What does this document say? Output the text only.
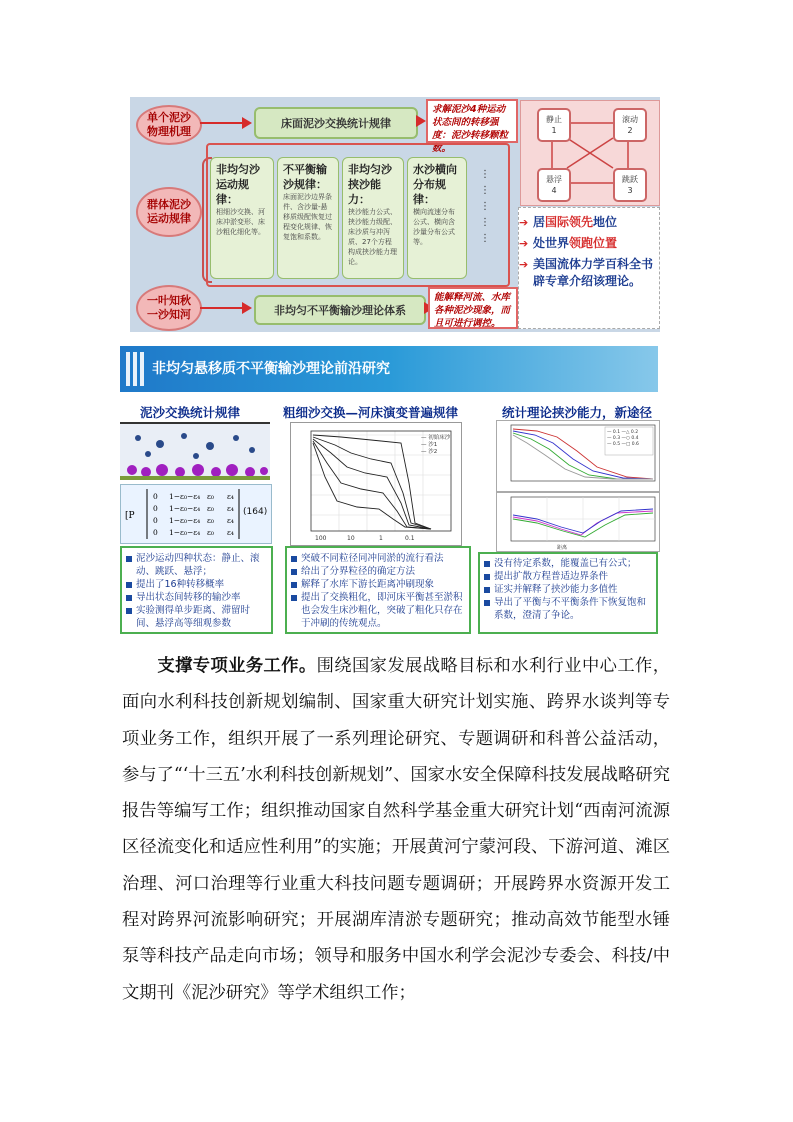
单个泥沙
物理机理
群体泥沙
运动规律
一叶知秋
一沙知河
床面泥沙交换统计规律
求解泥沙4种运动状态间的转移强度：泥沙转移颗粒数。
非均匀沙
运动规律：
相细沙交换、河床冲淤变形、床沙粗化细化等。
不平衡输
沙规律：
床面泥沙边界条件、含沙量-悬移质级配恢复过程变化规律、恢复饱和系数。
非均匀沙
挟沙能力：
挟沙能力公式、挟沙能力级配、床沙质与冲泻质、27个方程构成挟沙能力理论。
水沙横向
分布规律：
横向流速分布公式、横向含沙量分布公式等。
⋮
⋮
⋮
⋮
⋮
非均匀不平衡输沙理论体系
能解释河流、水库各种泥沙现象，而且可进行调控。
静止
1
滚动
2
悬浮
4
跳跃
3
➔ 居国际领先地位
➔ 处世界领跑位置
➔ 美国流体力学百科全书辟专章介绍该理论。
非均匀悬移质不平衡输沙理论前沿研究
泥沙交换统计规律
[P
0 1−ε₀−ε₄ ε₀ ε₄
0 1−ε₀−ε₄ ε₀ ε₄
0 1−ε₀−ε₄ ε₀ ε₄
0 1−ε₀−ε₄ ε₀ ε₄
(164)
泥沙运动四种状态：静止、滚动、跳跃、悬浮；
提出了16种转移概率
导出状态间转移的输沙率
实验测得单步距离、滞留时间、悬浮高等细观参数
粗细沙交换—河床演变普遍规律
— 初始床沙
— 沙1
— 沙2
100	10	1	0.1
突破不同粒径同冲同淤的流行看法
给出了分界粒径的确定方法
解释了水库下游长距离冲刷现象
提出了交换粗化，即河床平衡甚至淤积也会发生床沙粗化，突破了粗化只存在于冲刷的传统观点。
统计理论挟沙能力，新途径
— 0.1 —△ 0.2
— 0.3 —○ 0.4
— 0.5 —□ 0.6
距离
没有待定系数，能覆盖已有公式；
提出扩散方程普适边界条件
证实并解释了挟沙能力多值性
导出了平衡与不平衡条件下恢复饱和系数，澄清了争论。
支撑专项业务工作。围绕国家发展战略目标和水利行业中心工作，面向水利科技创新规划编制、国家重大研究计划实施、跨界水谈判等专项业务工作，组织开展了一系列理论研究、专题调研和科普公益活动，参与了“‘十三五’水利科技创新规划”、国家水安全保障科技发展战略研究报告等编写工作；组织推动国家自然科学基金重大研究计划“西南河流源区径流变化和适应性利用”的实施；开展黄河宁蒙河段、下游河道、滩区治理、河口治理等行业重大科技问题专题调研；开展跨界水资源开发工程对跨界河流影响研究；开展湖库清淤专题研究；推动高效节能型水锤泵等科技产品走向市场；领导和服务中国水利学会泥沙专委会、科技/中文期刊《泥沙研究》等学术组织工作；
